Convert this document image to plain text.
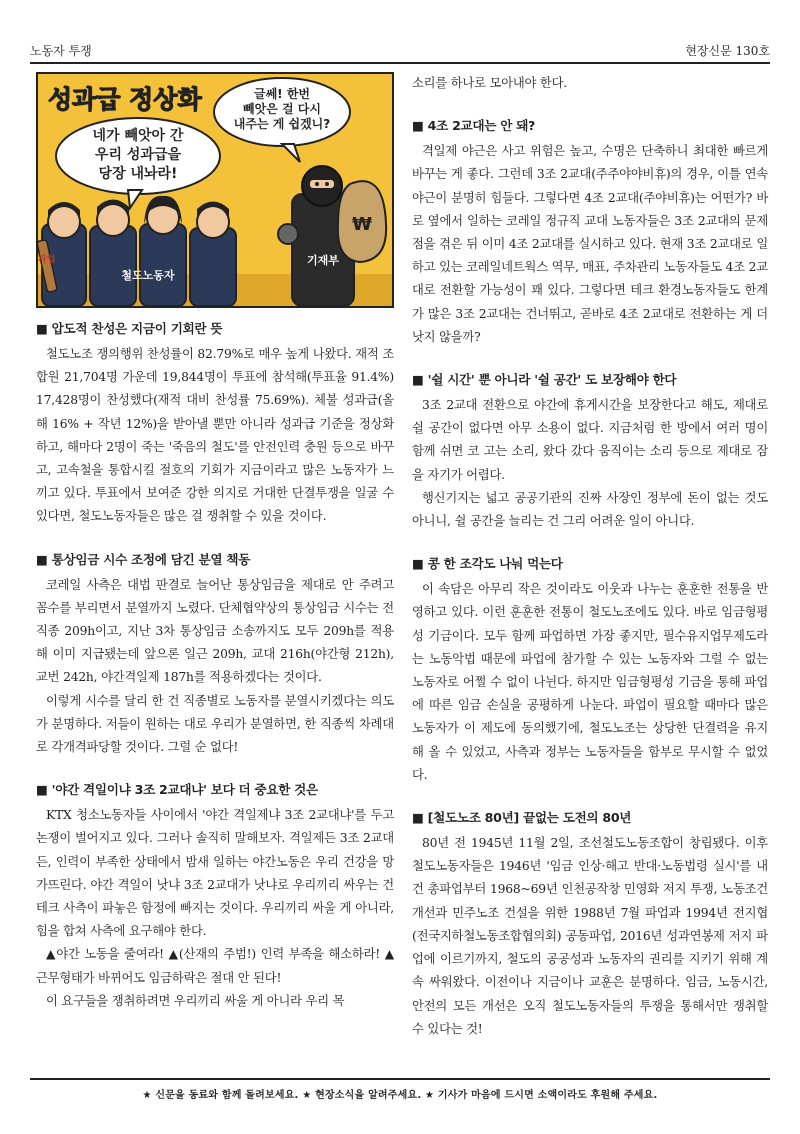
노동자 투쟁	현장신문 130호
성과급 정상화
네가 빼앗아 간 우리 성과급을 당장 내놔라!
글쎄! 한번 빼앗은 걸 다시 내주는 게 쉽겠니?
파업
철도노동자
₩
기재부
■ 압도적 찬성은 지금이 기회란 뜻

철도노조 쟁의행위 찬성률이 82.79%로 매우 높게 나왔다. 재적 조합원 21,704명 가운데 19,844명이 투표에 참석해(투표율 91.4%) 17,428명이 찬성했다(재적 대비 찬성률 75.69%). 체불 성과급(올해 16% + 작년 12%)을 받아낼 뿐만 아니라 성과급 기준을 정상화하고, 해마다 2명이 죽는 '죽음의 철도'를 안전인력 충원 등으로 바꾸고, 고속철을 통합시킬 절호의 기회가 지금이라고 많은 노동자가 느끼고 있다. 투표에서 보여준 강한 의지로 거대한 단결투쟁을 일굴 수 있다면, 철도노동자들은 많은 걸 쟁취할 수 있을 것이다.

■ 통상임금 시수 조정에 담긴 분열 책동

코레일 사측은 대법 판결로 늘어난 통상임금을 제대로 안 주려고 꼼수를 부리면서 분열까지 노렸다. 단체협약상의 통상임금 시수는 전 직종 209h이고, 지난 3차 통상임금 소송까지도 모두 209h를 적용해 이미 지급됐는데 앞으론 일근 209h, 교대 216h(야간형 212h), 교번 242h, 야간격일제 187h를 적용하겠다는 것이다.

이렇게 시수를 달리 한 건 직종별로 노동자를 분열시키겠다는 의도가 분명하다. 저들이 원하는 대로 우리가 분열하면, 한 직종씩 차례대로 각개격파당할 것이다. 그럴 순 없다!

■ '야간 격일이냐 3조 2교대냐' 보다 더 중요한 것은

KTX 청소노동자들 사이에서 '야간 격일제냐 3조 2교대냐'를 두고 논쟁이 벌어지고 있다. 그러나 솔직히 말해보자. 격일제든 3조 2교대든, 인력이 부족한 상태에서 밤새 일하는 야간노동은 우리 건강을 망가뜨린다. 야간 격일이 낫냐 3조 2교대가 낫냐로 우리끼리 싸우는 건 테크 사측이 파놓은 함정에 빠지는 것이다. 우리끼리 싸울 게 아니라, 힘을 합쳐 사측에 요구해야 한다.

▲야간 노동을 줄여라! ▲(산재의 주범!) 인력 부족을 해소하라! ▲근무형태가 바뀌어도 임금하락은 절대 안 된다!

이 요구들을 쟁취하려면 우리끼리 싸울 게 아니라 우리 목

소리를 하나로 모아내야 한다.

■ 4조 2교대는 안 돼?

격일제 야근은 사고 위험은 높고, 수명은 단축하니 최대한 빠르게 바꾸는 게 좋다. 그런데 3조 2교대(주주야야비휴)의 경우, 이틀 연속 야근이 분명히 힘들다. 그렇다면 4조 2교대(주야비휴)는 어떤가? 바로 옆에서 일하는 코레일 정규직 교대 노동자들은 3조 2교대의 문제점을 겪은 뒤 이미 4조 2교대를 실시하고 있다. 현재 3조 2교대로 일하고 있는 코레일네트웍스 역무, 매표, 주차관리 노동자들도 4조 2교대로 전환할 가능성이 꽤 있다. 그렇다면 테크 환경노동자들도 한계가 많은 3조 2교대는 건너뛰고, 곧바로 4조 2교대로 전환하는 게 더 낫지 않을까?

■ '쉴 시간' 뿐 아니라 '쉴 공간' 도 보장해야 한다

3조 2교대 전환으로 야간에 휴게시간을 보장한다고 해도, 제대로 쉴 공간이 없다면 아무 소용이 없다. 지금처럼 한 방에서 여러 명이 함께 쉬면 코 고는 소리, 왔다 갔다 움직이는 소리 등으로 제대로 잠을 자기가 어렵다.

행신기지는 넓고 공공기관의 진짜 사장인 정부에 돈이 없는 것도 아니니, 쉴 공간을 늘리는 건 그리 어려운 일이 아니다.

■ 콩 한 조각도 나눠 먹는다

이 속담은 아무리 작은 것이라도 이웃과 나누는 훈훈한 전통을 반영하고 있다. 이런 훈훈한 전통이 철도노조에도 있다. 바로 임금형평성 기금이다. 모두 함께 파업하면 가장 좋지만, 필수유지업무제도라는 노동악법 때문에 파업에 참가할 수 있는 노동자와 그럴 수 없는 노동자로 어쩔 수 없이 나뉜다. 하지만 임금형평성 기금을 통해 파업에 따른 임금 손실을 공평하게 나눈다. 파업이 필요할 때마다 많은 노동자가 이 제도에 동의했기에, 철도노조는 상당한 단결력을 유지해 올 수 있었고, 사측과 정부는 노동자들을 함부로 무시할 수 없었다.

■ [철도노조 80년] 끝없는 도전의 80년

80년 전 1945년 11월 2일, 조선철도노동조합이 창립됐다. 이후 철도노동자들은 1946년 '임금 인상·해고 반대·노동법령 실시'를 내건 총파업부터 1968~69년 인천공작창 민영화 저지 투쟁, 노동조건 개선과 민주노조 건설을 위한 1988년 7월 파업과 1994년 전지협(전국지하철노동조합협의회) 공동파업, 2016년 성과연봉제 저지 파업에 이르기까지, 철도의 공공성과 노동자의 권리를 지키기 위해 계속 싸워왔다. 이전이나 지금이나 교훈은 분명하다. 임금, 노동시간, 안전의 모든 개선은 오직 철도노동자들의 투쟁을 통해서만 쟁취할 수 있다는 것!

★ 신문을 동료와 함께 돌려보세요. ★ 현장소식을 알려주세요. ★ 기사가 마음에 드시면 소액이라도 후원해 주세요.
